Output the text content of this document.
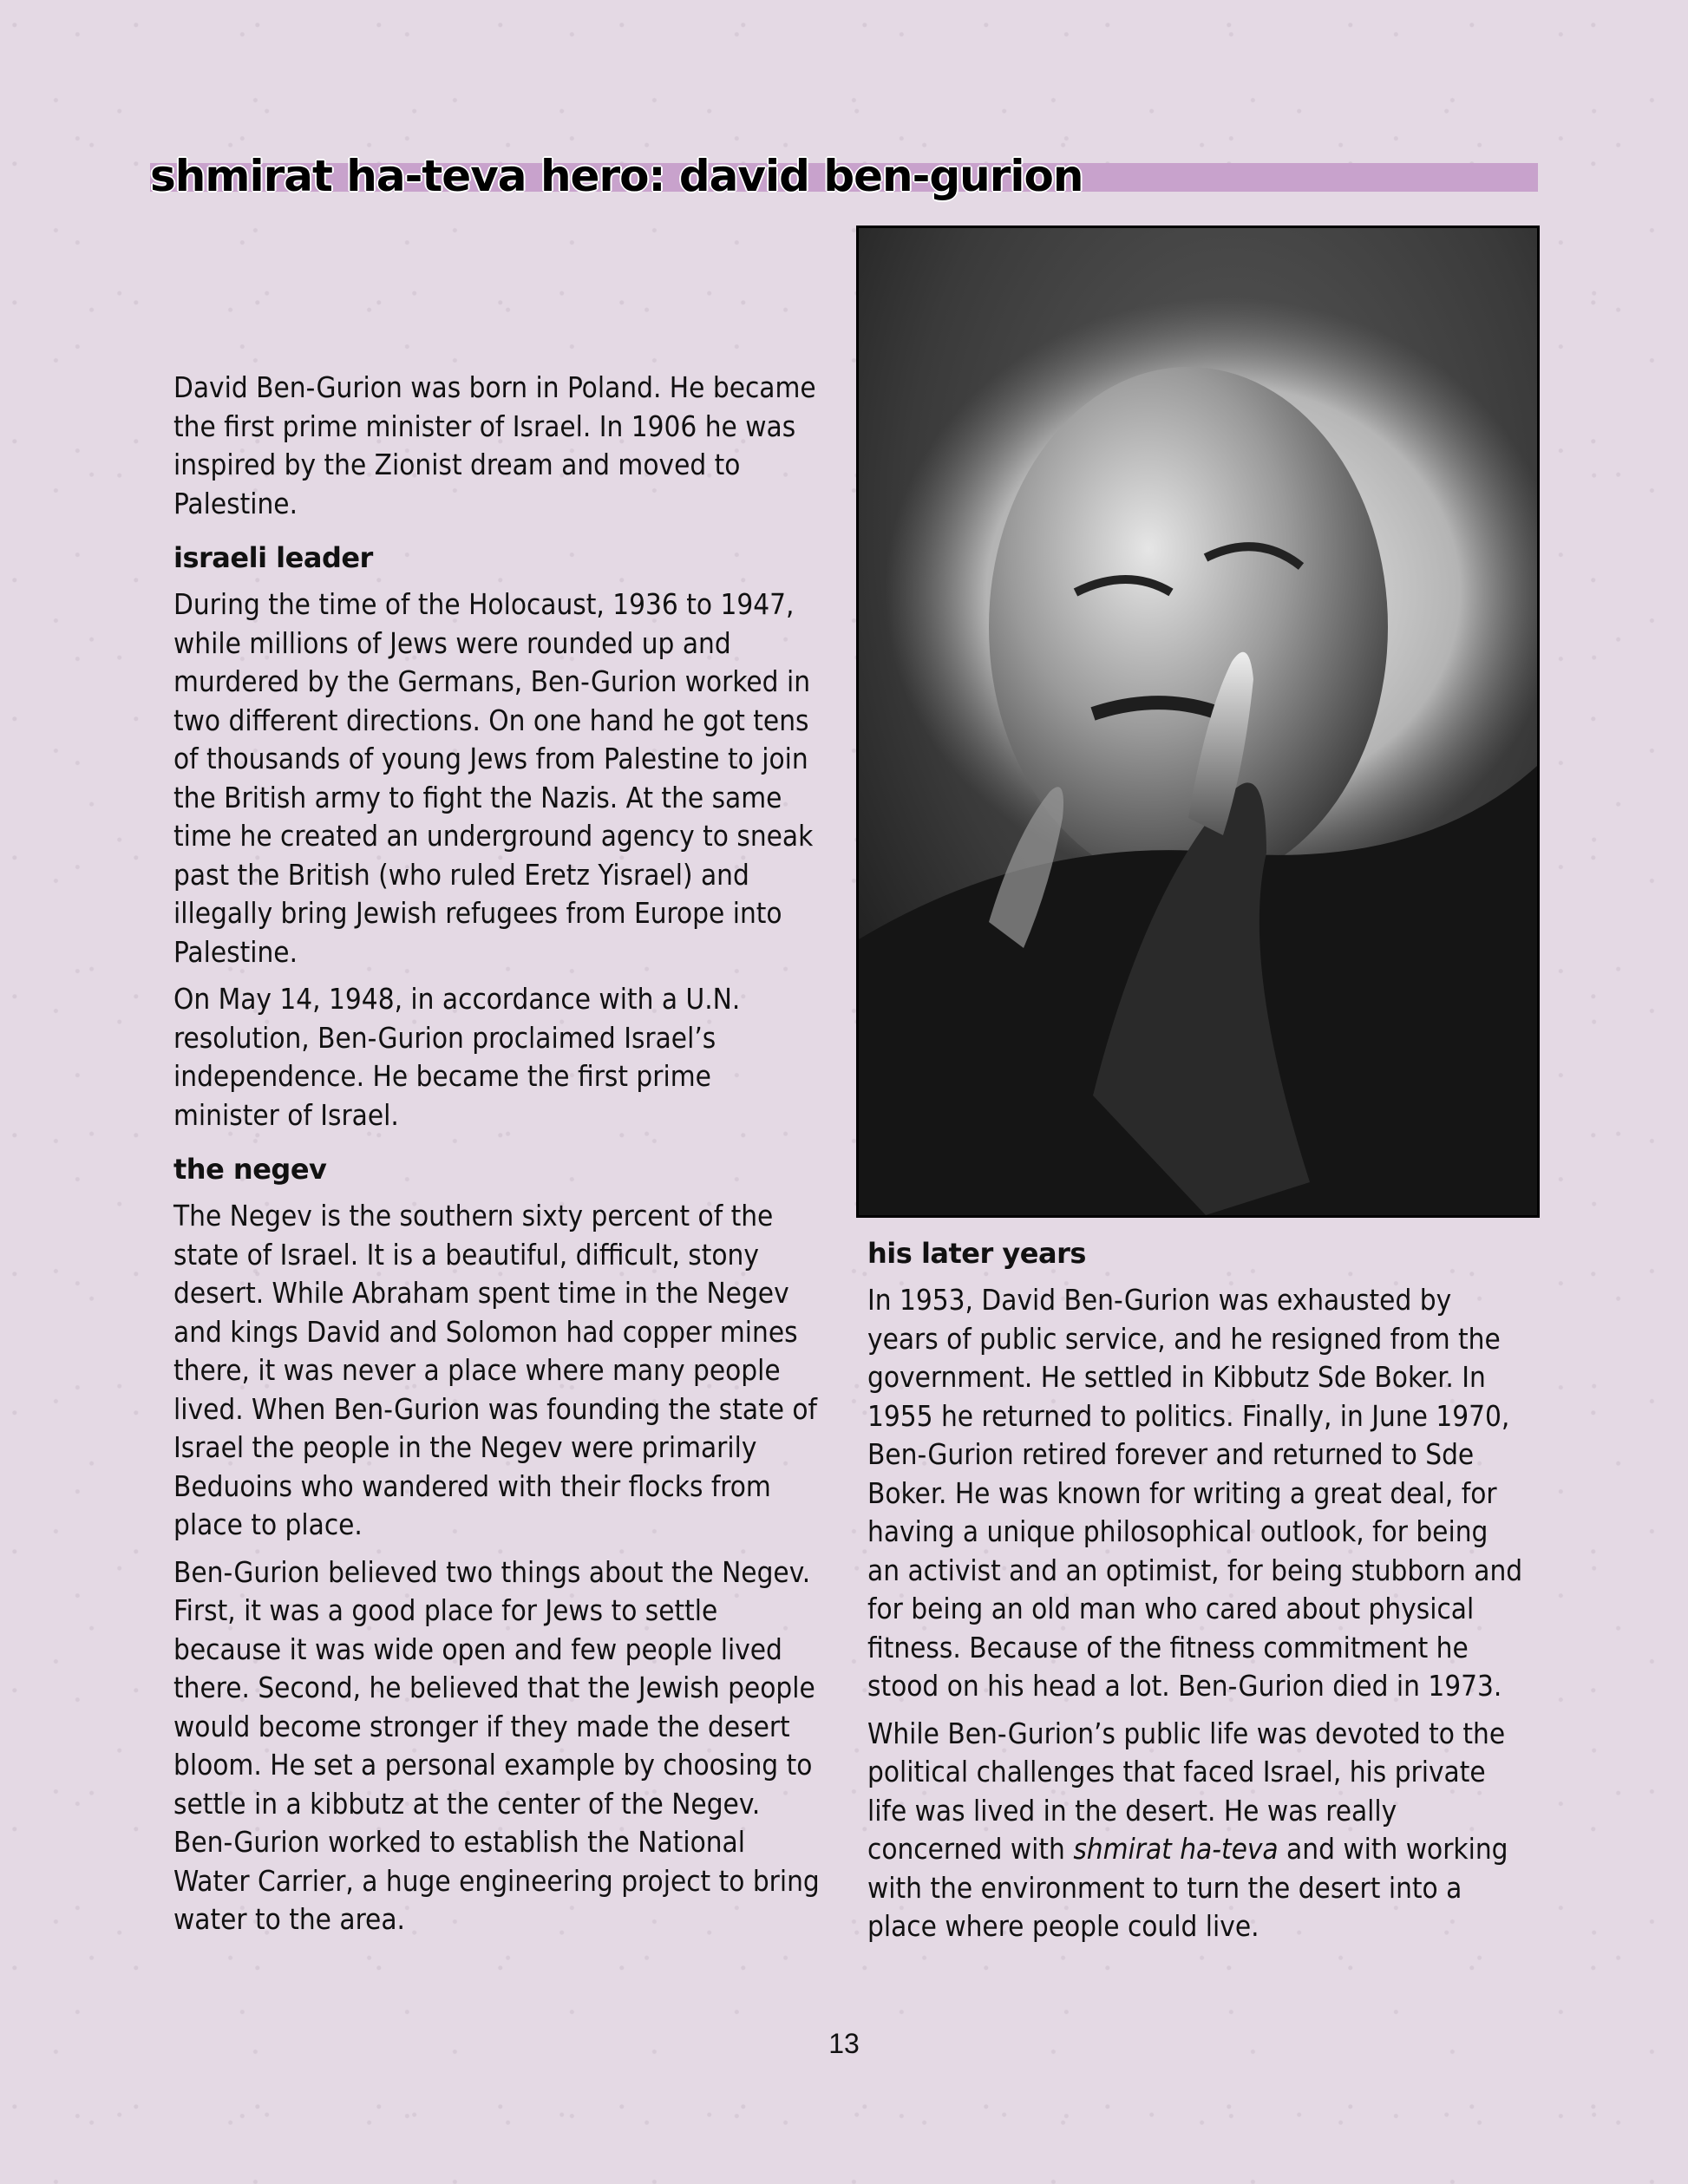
shmirat ha-teva hero: david ben-gurion

David Ben-Gurion was born in Poland. He became the first prime minister of Israel. In 1906 he was inspired by the Zionist dream and moved to Palestine.

israeli leader

During the time of the Holocaust, 1936 to 1947, while millions of Jews were rounded up and murdered by the Germans, Ben-Gurion worked in two different directions. On one hand he got tens of thousands of young Jews from Palestine to join the British army to fight the Nazis. At the same time he created an underground agency to sneak past the British (who ruled Eretz Yisrael) and illegally bring Jewish refugees from Europe into Palestine.

On May 14, 1948, in accordance with a U.N. resolution, Ben-Gurion proclaimed Israel’s independence. He became the first prime minister of Israel.

the negev

The Negev is the southern sixty percent of the state of Israel. It is a beautiful, difficult, stony desert. While Abraham spent time in the Negev and kings David and Solomon had copper mines there, it was never a place where many people lived. When Ben-Gurion was founding the state of Israel the people in the Negev were primarily Beduoins who wandered with their flocks from place to place.

Ben-Gurion believed two things about the Negev. First, it was a good place for Jews to settle because it was wide open and few people lived there. Second, he believed that the Jewish people would become stronger if they made the desert bloom. He set a personal example by choosing to settle in a kibbutz at the center of the Negev. Ben-Gurion worked to establish the National Water Carrier, a huge engineering project to bring water to the area.

his later years

In 1953, David Ben-Gurion was exhausted by years of public service, and he resigned from the government. He settled in Kibbutz Sde Boker. In 1955 he returned to politics. Finally, in June 1970, Ben-Gurion retired forever and returned to Sde Boker. He was known for writing a great deal, for having a unique philosophical outlook, for being an activist and an optimist, for being stubborn and for being an old man who cared about physical fitness. Because of the fitness commitment he stood on his head a lot. Ben-Gurion died in 1973.

While Ben-Gurion’s public life was devoted to the political challenges that faced Israel, his private life was lived in the desert. He was really concerned with shmirat ha-teva and with working with the environment to turn the desert into a place where people could live.

13
